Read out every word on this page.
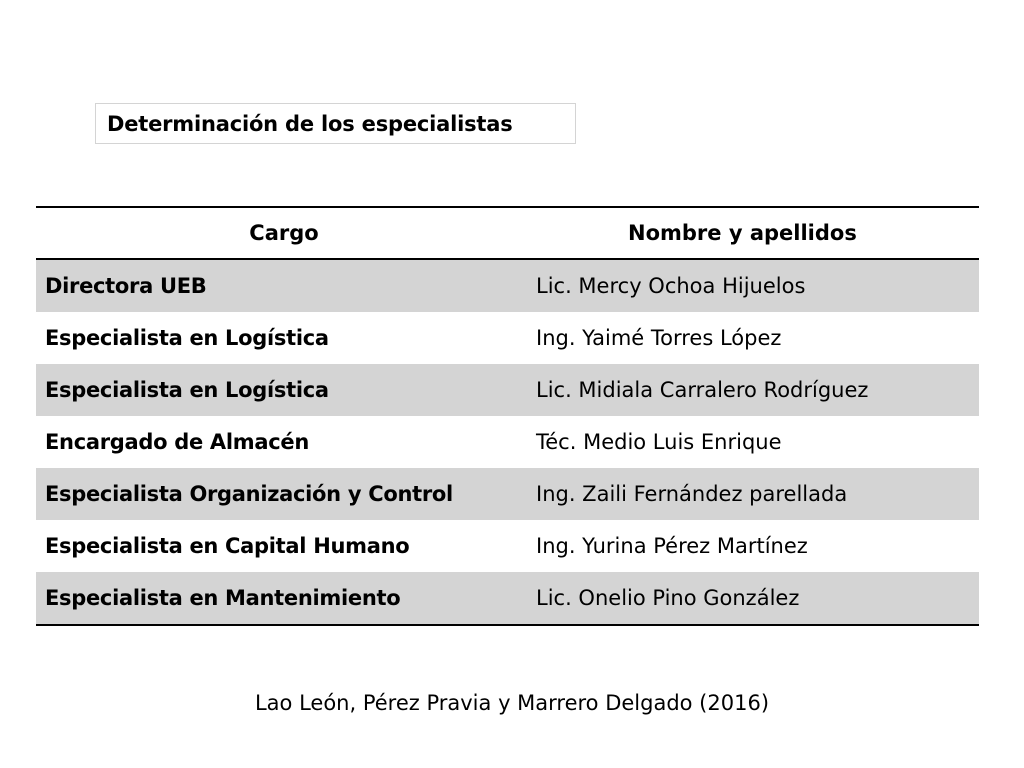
Determinación de los especialistas
Cargo	Nombre y apellidos
Directora UEB	Lic. Mercy Ochoa Hijuelos
Especialista en Logística	Ing. Yaimé Torres López
Especialista en Logística	Lic. Midiala Carralero Rodríguez
Encargado de Almacén	Téc. Medio Luis Enrique
Especialista Organización y Control	Ing. Zaili Fernández parellada
Especialista en Capital Humano	Ing. Yurina Pérez Martínez
Especialista en Mantenimiento	Lic. Onelio Pino González
Lao León, Pérez Pravia y Marrero Delgado (2016)
